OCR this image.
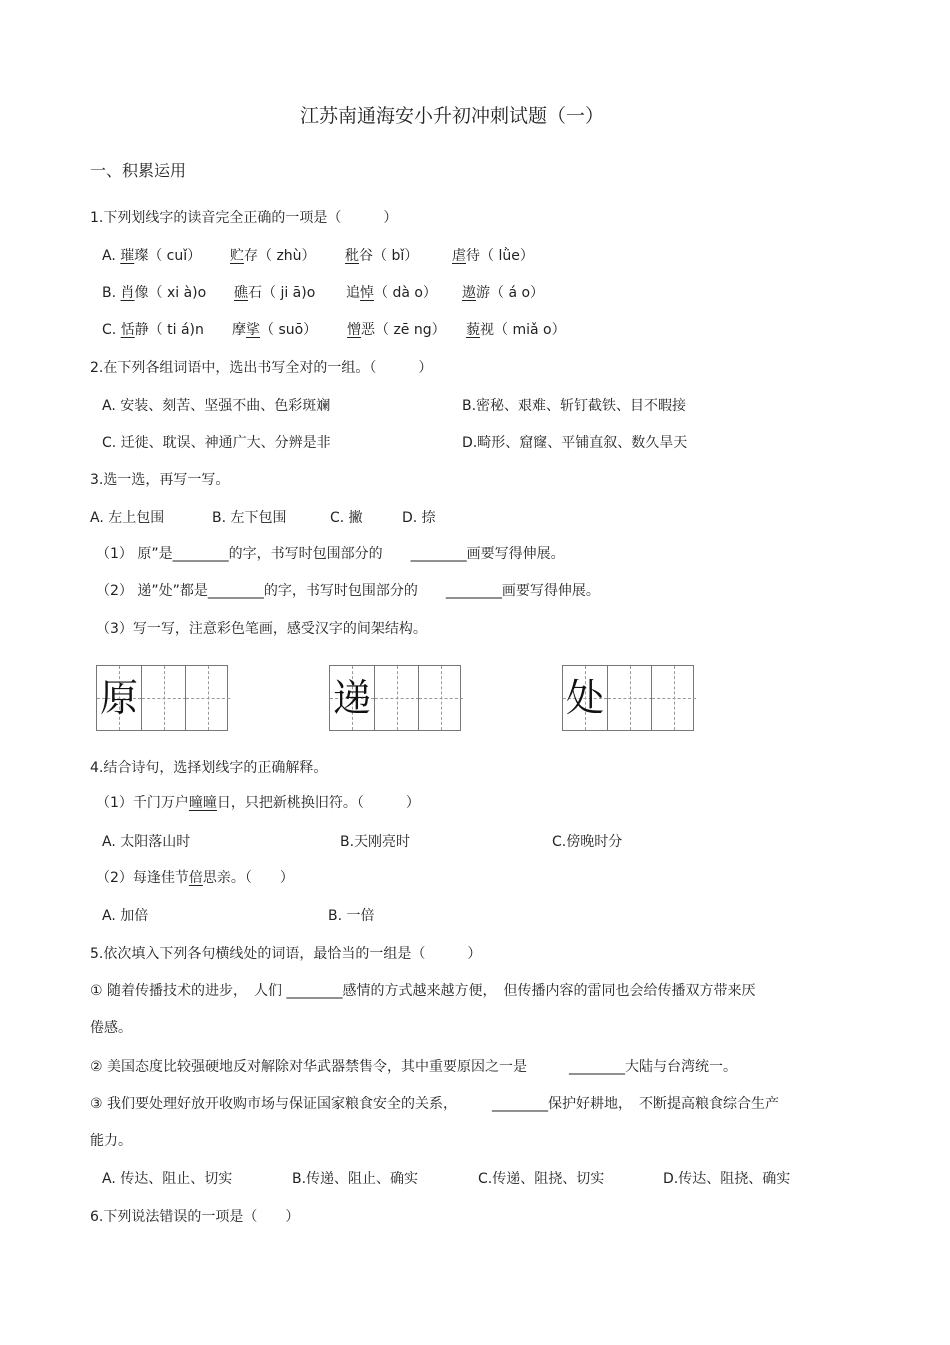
江苏南通海安小升初冲刺试题（一）
一、积累运用
1.下列划线字的读音完全正确的一项是（　　　）
A. 璀璨（ cuǐ） 贮存（ zhù） 秕谷（ bǐ） 虐待（ lǜe）
B. 肖像（ xi à)o 礁石（ ji ā)o 追悼（ dà o） 遨游（ á o）
C. 恬静（ ti á)n 摩挲（ suō） 憎恶（ zē ng） 藐视（ miǎ o）
2.在下列各组词语中，选出书写全对的一组。（　　　）
A. 安装、刻苦、坚强不曲、色彩斑斓	B.密秘、艰难、斩钉截铁、目不暇接
C. 迁徙、耽误、神通广大、分辨是非	D.畸形、窟窿、平铺直叙、数久旱天
3.选一选，再写一写。
A. 左上包围	B. 左下包围	C. 撇	D. 捺
（1） 原”是________的字，书写时包围部分的　　________画要写得伸展。
（2） 递”处”都是________的字，书写时包围部分的　　________画要写得伸展。
（3）写一写，注意彩色笔画，感受汉字的间架结构。
原	递	处
4.结合诗句，选择划线字的正确解释。
（1）千门万户曈曈日，只把新桃换旧符。（　　　）
A. 太阳落山时	B.天刚亮时	C.傍晚时分
（2）每逢佳节倍思亲。（　　）
A. 加倍	B. 一倍
5.依次填入下列各句横线处的词语，最恰当的一组是（　　　）
① 随着传播技术的进步，　人们 ________感情的方式越来越方便，　但传播内容的雷同也会给传播双方带来厌
倦感。
② 美国态度比较强硬地反对解除对华武器禁售令，其中重要原因之一是　　　________大陆与台湾统一。
③ 我们要处理好放开收购市场与保证国家粮食安全的关系，　　　________保护好耕地，　不断提高粮食综合生产
能力。
A. 传达、阻止、切实	B.传递、阻止、确实	C.传递、阻挠、切实	D.传达、阻挠、确实
6.下列说法错误的一项是（　　）
